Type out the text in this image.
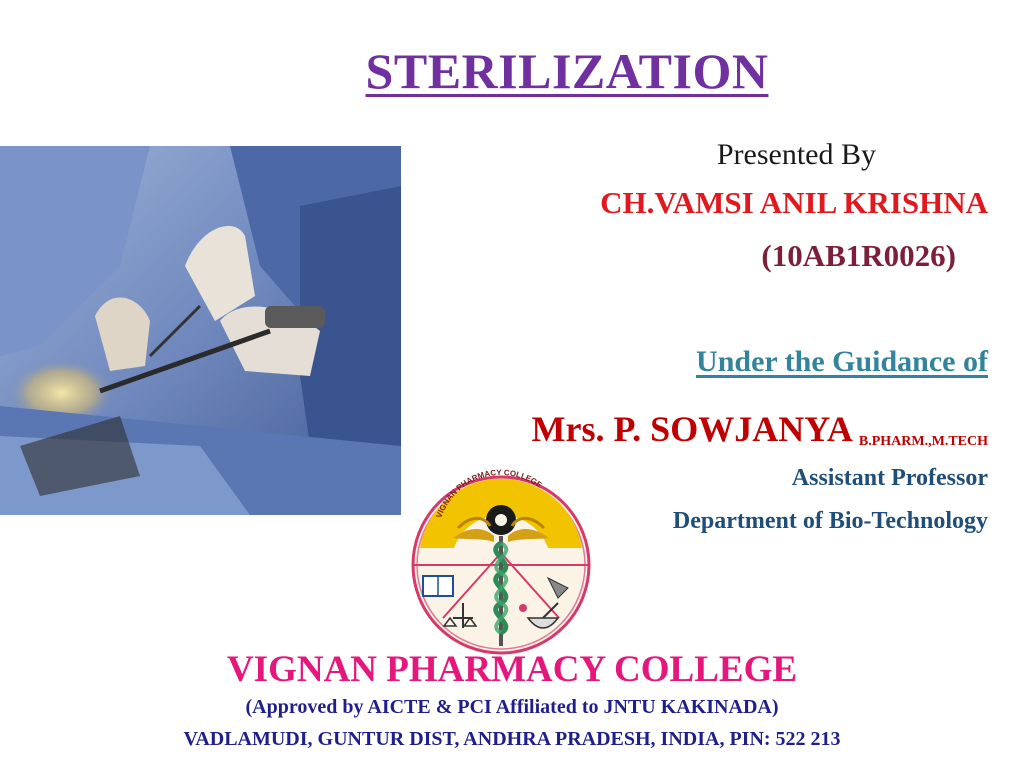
STERILIZATION
Presented By
CH.VAMSI ANIL KRISHNA
(10AB1R0026)
Under the Guidance of
Mrs. P. SOWJANYA B.PHARM.,M.TECH
Assistant Professor
Department of Bio-Technology
VIGNAN PHARMACY COLLEGE
VIGNAN PHARMACY COLLEGE
(Approved by AICTE & PCI Affiliated to JNTU KAKINADA)
VADLAMUDI, GUNTUR DIST, ANDHRA PRADESH, INDIA, PIN: 522 213
